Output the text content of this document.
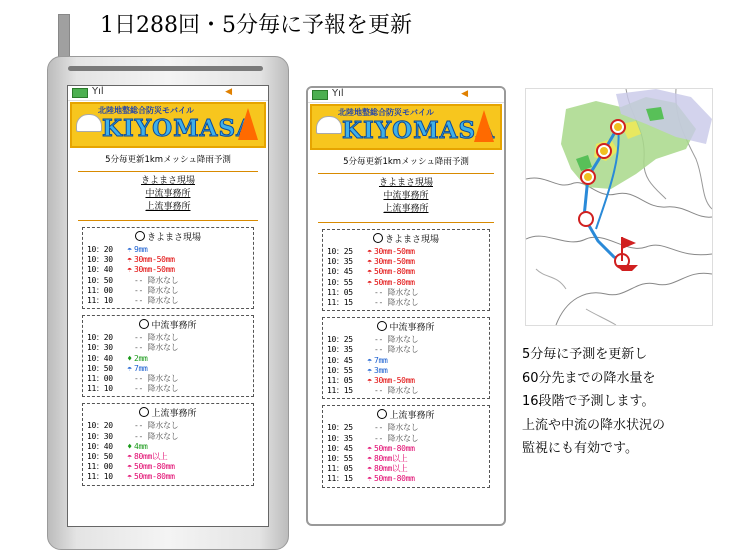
1日288回・5分毎に予報を更新
Yıl	◀
北陸地整総合防災モバイル
KIYOMASA
5分毎更新1kmメッシュ降雨予測
きよまさ現場
中流事務所
上流事務所
きよまさ現場
10：20 ☂ 9mm
10：30 ☂ 30mm-50mm
10：40 ☂ 30mm-50mm
10：50	-- 降水なし
11：00	-- 降水なし
11：10	-- 降水なし
中流事務所
10：20	-- 降水なし
10：30	-- 降水なし
10：40 ♦ 2mm
10：50 ☂ 7mm
11：00	-- 降水なし
11：10	-- 降水なし
上流事務所
10：20	-- 降水なし
10：30	-- 降水なし
10：40 ♦ 4mm
10：50 ☂ 80mm以上
11：00 ☂ 50mm-80mm
11：10 ☂ 50mm-80mm
Yıl	◀
北陸地整総合防災モバイル
KIYOMASA
5分毎更新1kmメッシュ降雨予測
きよまさ現場
中流事務所
上流事務所
きよまさ現場
10：25 ☂ 30mm-50mm
10：35 ☂ 30mm-50mm
10：45 ☂ 50mm-80mm
10：55 ☂ 50mm-80mm
11：05	-- 降水なし
11：15	-- 降水なし
中流事務所
10：25	-- 降水なし
10：35	-- 降水なし
10：45 ☂ 7mm
10：55 ☂ 3mm
11：05 ☂ 30mm-50mm
11：15	-- 降水なし
上流事務所
10：25	-- 降水なし
10：35	-- 降水なし
10：45 ☂ 50mm-80mm
10：55 ☂ 80mm以上
11：05 ☂ 80mm以上
11：15 ☂ 50mm-80mm
5分毎に予測を更新し
60分先までの降水量を
16段階で予測します。
上流や中流の降水状況の
監視にも有効です。
